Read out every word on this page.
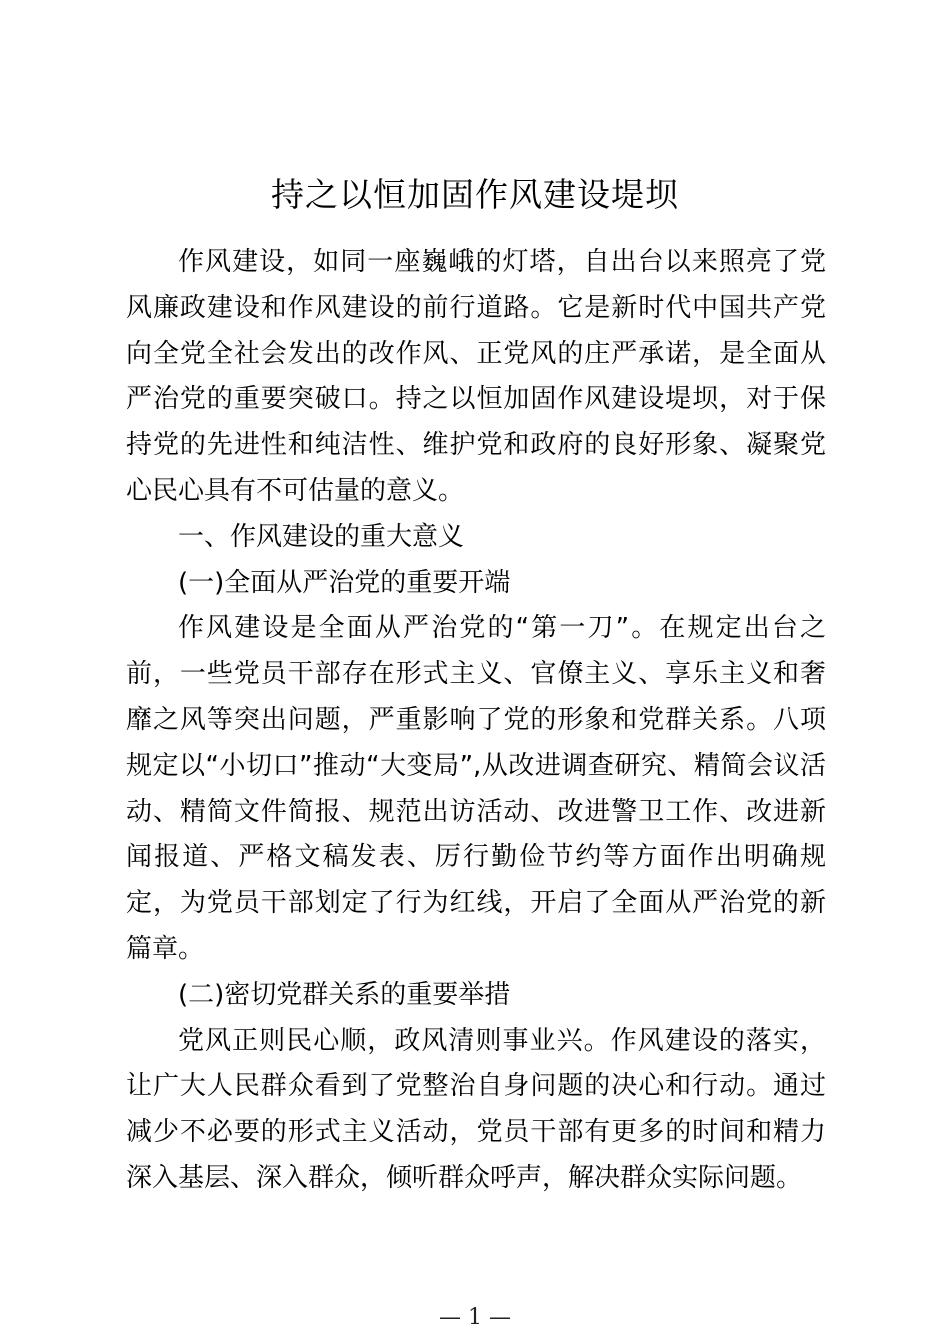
持之以恒加固作风建设堤坝

作风建设，如同一座巍峨的灯塔，自出台以来照亮了党风廉政建设和作风建设的前行道路。它是新时代中国共产党向全党全社会发出的改作风、正党风的庄严承诺，是全面从严治党的重要突破口。持之以恒加固作风建设堤坝，对于保持党的先进性和纯洁性、维护党和政府的良好形象、凝聚党心民心具有不可估量的意义。

一、作风建设的重大意义

(一)全面从严治党的重要开端

作风建设是全面从严治党的“第一刀”。在规定出台之前，一些党员干部存在形式主义、官僚主义、享乐主义和奢靡之风等突出问题，严重影响了党的形象和党群关系。八项规定以“小切口”推动“大变局”,从改进调查研究、精简会议活动、精简文件简报、规范出访活动、改进警卫工作、改进新闻报道、严格文稿发表、厉行勤俭节约等方面作出明确规定，为党员干部划定了行为红线，开启了全面从严治党的新篇章。

(二)密切党群关系的重要举措

党风正则民心顺，政风清则事业兴。作风建设的落实，让广大人民群众看到了党整治自身问题的决心和行动。通过减少不必要的形式主义活动，党员干部有更多的时间和精力深入基层、深入群众，倾听群众呼声，解决群众实际问题。

— 1 —
